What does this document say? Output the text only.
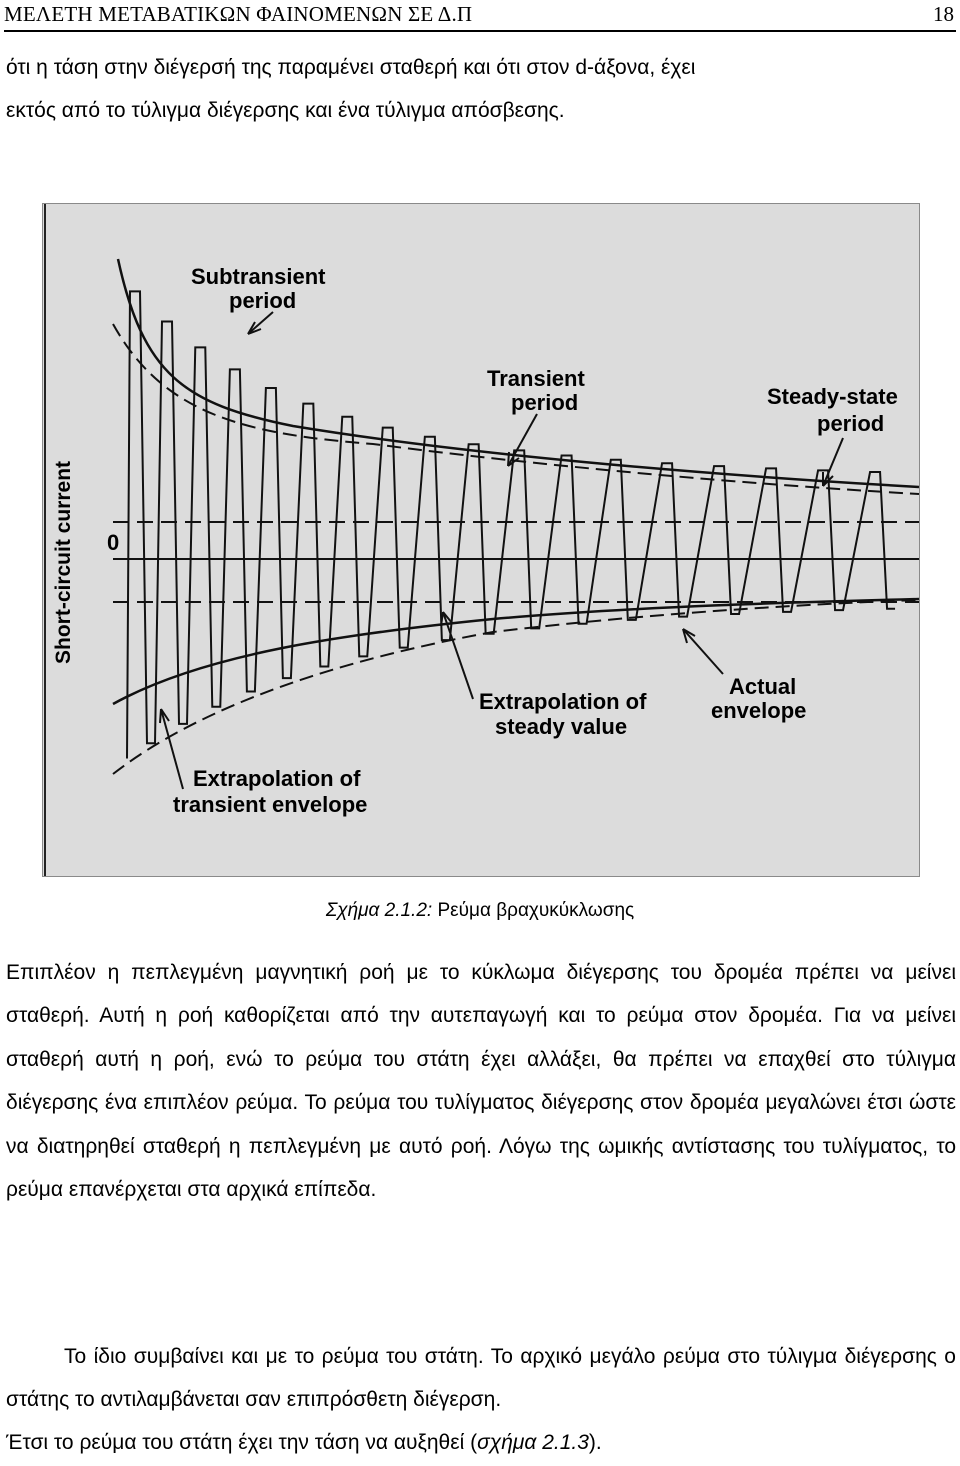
ΜΕΛΕΤΗ ΜΕΤΑΒΑΤΙΚΩΝ ΦΑΙΝΟΜΕΝΩΝ ΣΕ Δ.Π	18

ότι η τάση στην διέγερσή της παραμένει σταθερή και ότι στον d-άξονα, έχει

εκτός από το τύλιγμα διέγερσης και ένα τύλιγμα απόσβεσης.

Short-circuit current 0
Subtransient
period
Transient
period	Steady-state
period
Extrapolation of
steady value
Actual
envelope
Extrapolation of
transient envelope
Σχήμα 2.1.2: Ρεύμα βραχυκύκλωσης

Επιπλέον η πεπλεγμένη μαγνητική ροή με το κύκλωμα διέγερσης του δρομέα πρέπει να μείνει σταθερή. Αυτή η ροή καθορίζεται από την αυτεπαγωγή και το ρεύμα στον δρομέα. Για να μείνει σταθερή αυτή η ροή, ενώ το ρεύμα του στάτη έχει αλλάξει, θα πρέπει να επαχθεί στο τύλιγμα διέγερσης ένα επιπλέον ρεύμα. Το ρεύμα του τυλίγματος διέγερσης στον δρομέα μεγαλώνει έτσι ώστε να διατηρηθεί σταθερή η πεπλεγμένη με αυτό ροή. Λόγω της ωμικής αντίστασης του τυλίγματος, το ρεύμα επανέρχεται στα αρχικά επίπεδα.

Το ίδιο συμβαίνει και με το ρεύμα του στάτη. Το αρχικό μεγάλο ρεύμα στο τύλιγμα διέγερσης ο στάτης το αντιλαμβάνεται σαν επιπρόσθετη διέγερση.

Έτσι το ρεύμα του στάτη έχει την τάση να αυξηθεί (σχήμα 2.1.3).
